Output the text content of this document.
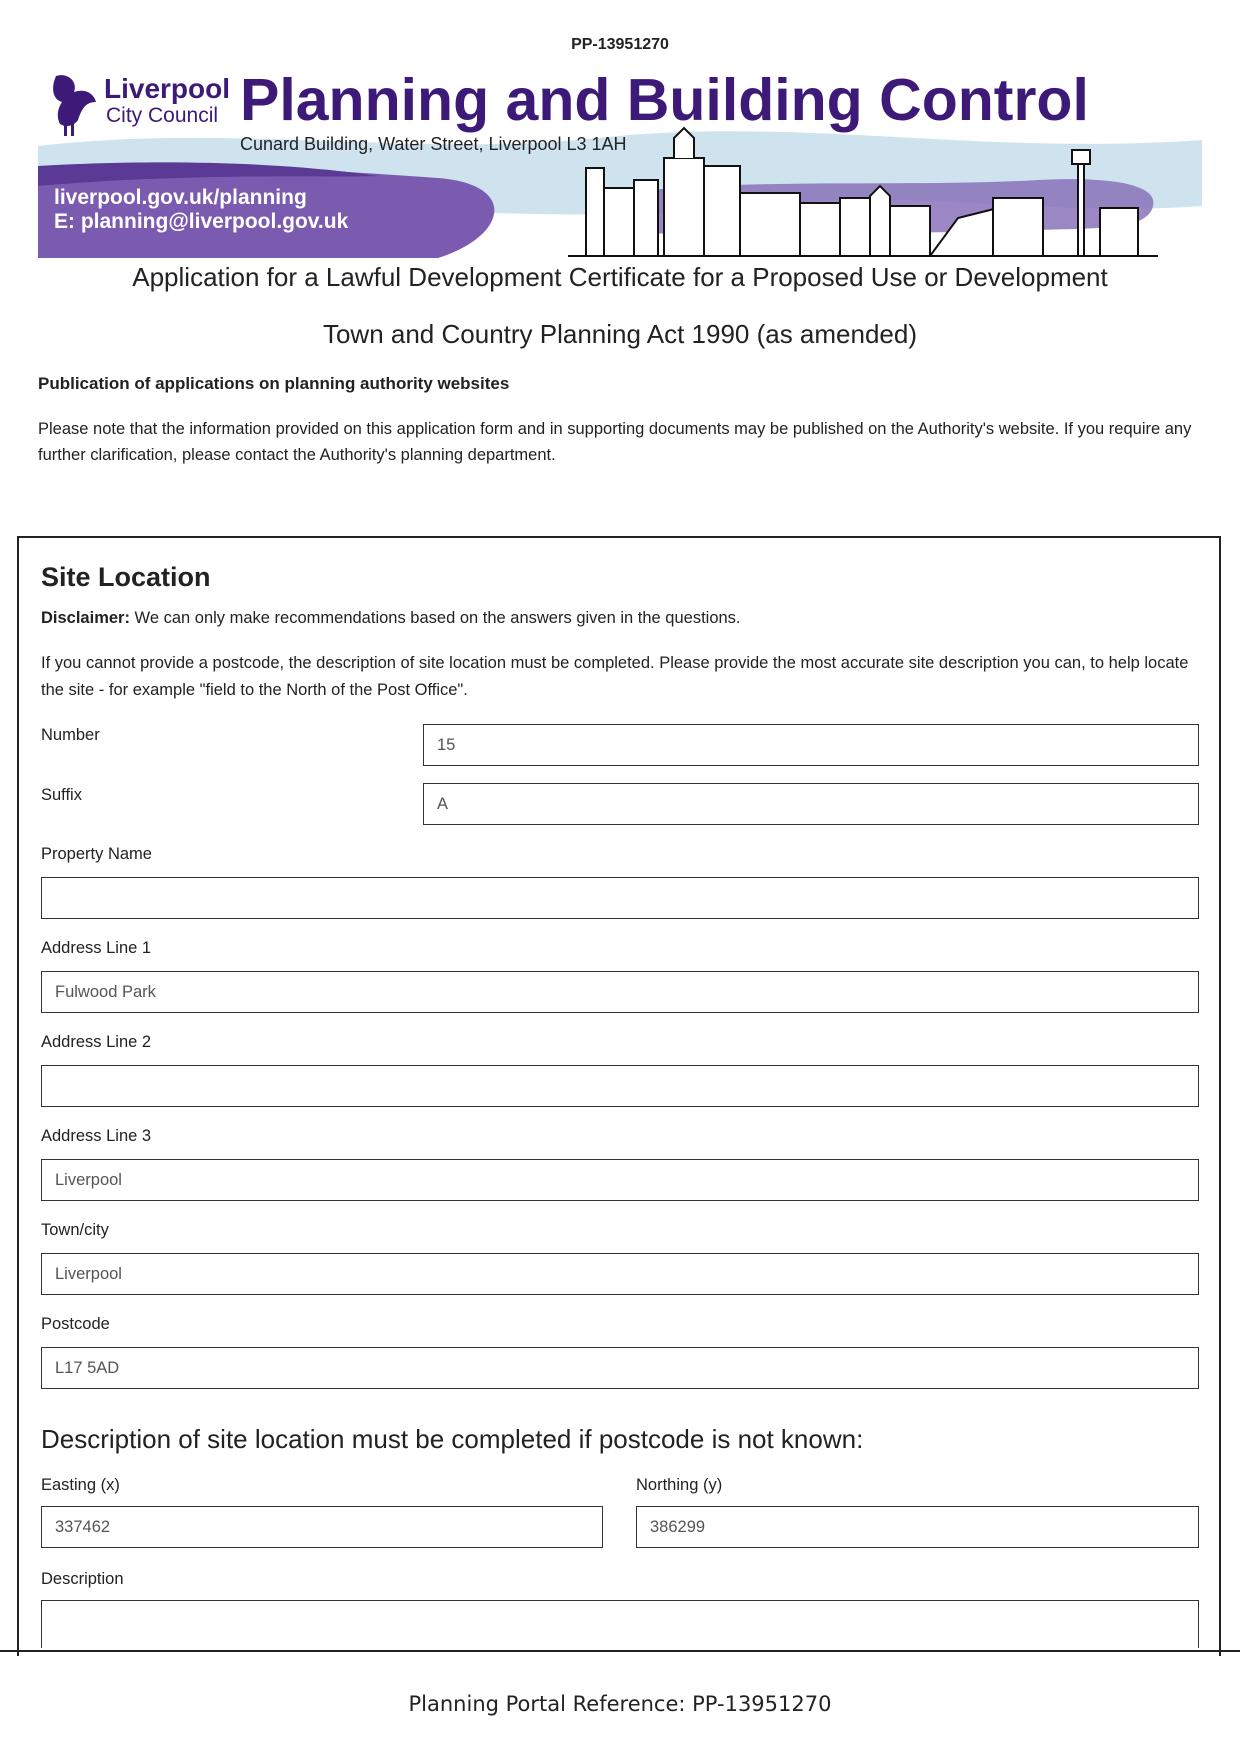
PP-13951270
Liverpool
City Council Planning and Building Control
Cunard Building, Water Street, Liverpool L3 1AH
liverpool.gov.uk/planning
E: planning@liverpool.gov.uk
Application for a Lawful Development Certificate for a Proposed Use or Development
Town and Country Planning Act 1990 (as amended)
Publication of applications on planning authority websites
Please note that the information provided on this application form and in supporting documents may be published on the Authority's website. If you require any further clarification, please contact the Authority's planning department.
Site Location
Disclaimer: We can only make recommendations based on the answers given in the questions.
If you cannot provide a postcode, the description of site location must be completed. Please provide the most accurate site description you can, to help locate the site - for example "field to the North of the Post Office".
Number
15
Suffix	A
Property Name
Address Line 1
Fulwood Park
Address Line 2
Address Line 3
Liverpool
Town/city
Liverpool
Postcode
L17 5AD
Description of site location must be completed if postcode is not known:
Easting (x)
337462
Northing (y)
386299
Description
Planning Portal Reference: PP-13951270
